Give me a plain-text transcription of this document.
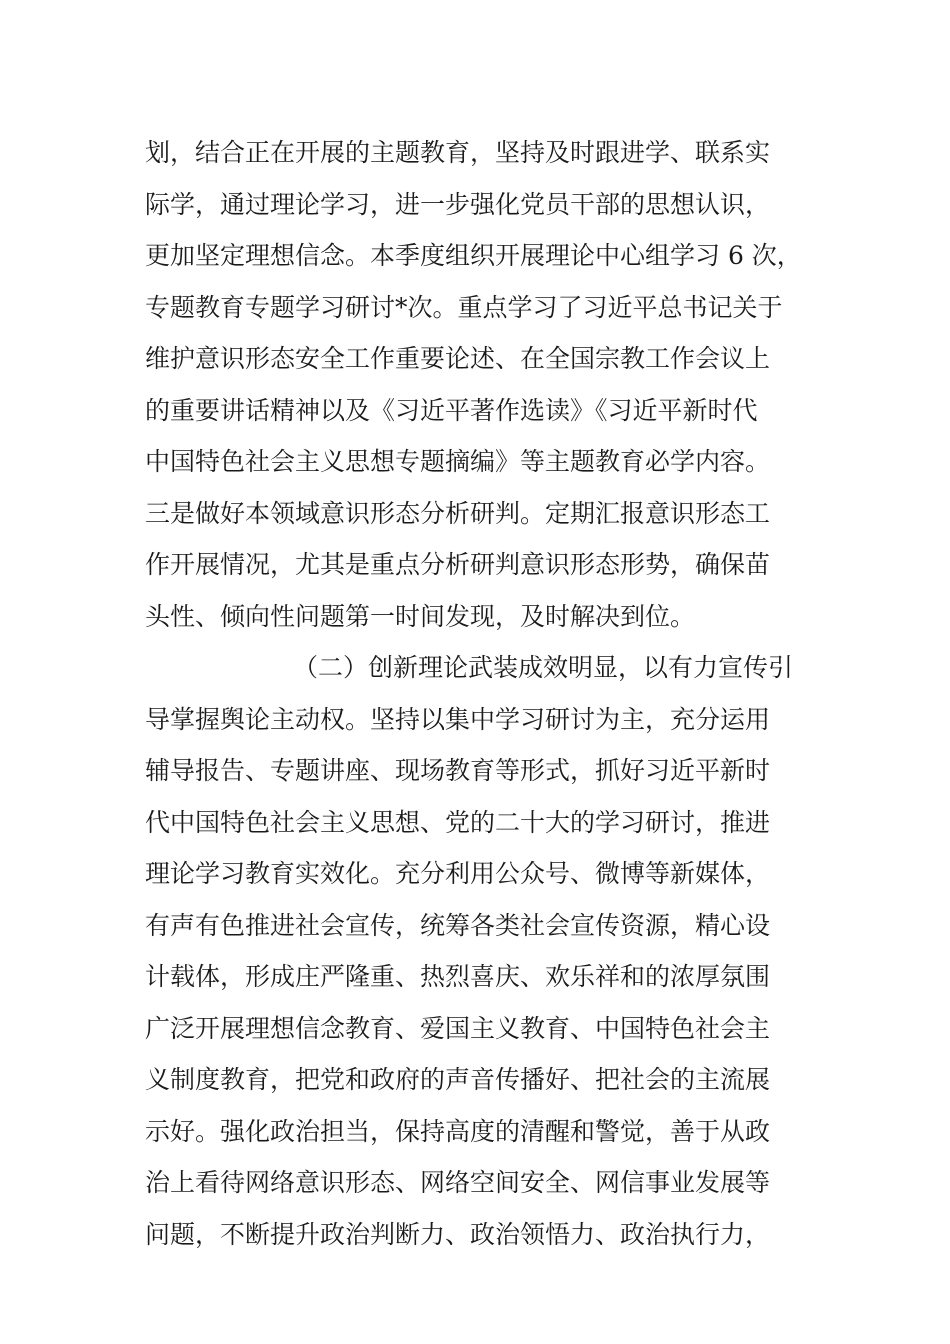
划，结合正在开展的主题教育，坚持及时跟进学、联系实
际学，通过理论学习，进一步强化党员干部的思想认识，
更加坚定理想信念。本季度组织开展理论中心组学习 6 次，
专题教育专题学习研讨*次。重点学习了习近平总书记关于
维护意识形态安全工作重要论述、在全国宗教工作会议上
的重要讲话精神以及《习近平著作选读》《习近平新时代
中国特色社会主义思想专题摘编》等主题教育必学内容。
三是做好本领域意识形态分析研判。定期汇报意识形态工
作开展情况，尤其是重点分析研判意识形态形势，确保苗
头性、倾向性问题第一时间发现，及时解决到位。
（二）创新理论武装成效明显，以有力宣传引
导掌握舆论主动权。坚持以集中学习研讨为主，充分运用
辅导报告、专题讲座、现场教育等形式，抓好习近平新时
代中国特色社会主义思想、党的二十大的学习研讨，推进
理论学习教育实效化。充分利用公众号、微博等新媒体，
有声有色推进社会宣传，统筹各类社会宣传资源，精心设
计载体，形成庄严隆重、热烈喜庆、欢乐祥和的浓厚氛围
广泛开展理想信念教育、爱国主义教育、中国特色社会主
义制度教育，把党和政府的声音传播好、把社会的主流展
示好。强化政治担当，保持高度的清醒和警觉，善于从政
治上看待网络意识形态、网络空间安全、网信事业发展等
问题，不断提升政治判断力、政治领悟力、政治执行力，
